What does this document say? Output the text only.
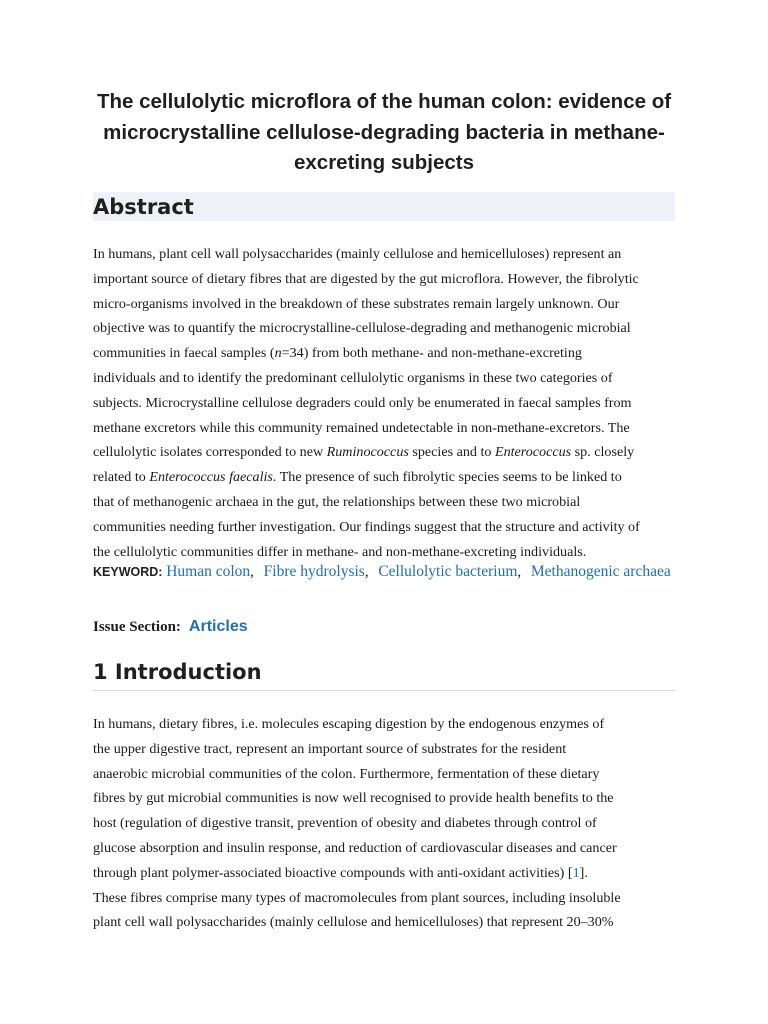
The cellulolytic microflora of the human colon: evidence of microcrystalline cellulose-degrading bacteria in methane-excreting subjects
Abstract
In humans, plant cell wall polysaccharides (mainly cellulose and hemicelluloses) represent an
important source of dietary fibres that are digested by the gut microflora. However, the fibrolytic
micro-organisms involved in the breakdown of these substrates remain largely unknown. Our
objective was to quantify the microcrystalline-cellulose-degrading and methanogenic microbial
communities in faecal samples (n=34) from both methane- and non-methane-excreting
individuals and to identify the predominant cellulolytic organisms in these two categories of
subjects. Microcrystalline cellulose degraders could only be enumerated in faecal samples from
methane excretors while this community remained undetectable in non-methane-excretors. The
cellulolytic isolates corresponded to new Ruminococcus species and to Enterococcus sp. closely
related to Enterococcus faecalis. The presence of such fibrolytic species seems to be linked to
that of methanogenic archaea in the gut, the relationships between these two microbial
communities needing further investigation. Our findings suggest that the structure and activity of
the cellulolytic communities differ in methane- and non-methane-excreting individuals.
KEYWORD: Human colon, Fibre hydrolysis, Cellulolytic bacterium, Methanogenic archaea
Issue Section: Articles
1 Introduction
In humans, dietary fibres, i.e. molecules escaping digestion by the endogenous enzymes of
the upper digestive tract, represent an important source of substrates for the resident
anaerobic microbial communities of the colon. Furthermore, fermentation of these dietary
fibres by gut microbial communities is now well recognised to provide health benefits to the
host (regulation of digestive transit, prevention of obesity and diabetes through control of
glucose absorption and insulin response, and reduction of cardiovascular diseases and cancer
through plant polymer-associated bioactive compounds with anti-oxidant activities) [1].
These fibres comprise many types of macromolecules from plant sources, including insoluble
plant cell wall polysaccharides (mainly cellulose and hemicelluloses) that represent 20–30%
